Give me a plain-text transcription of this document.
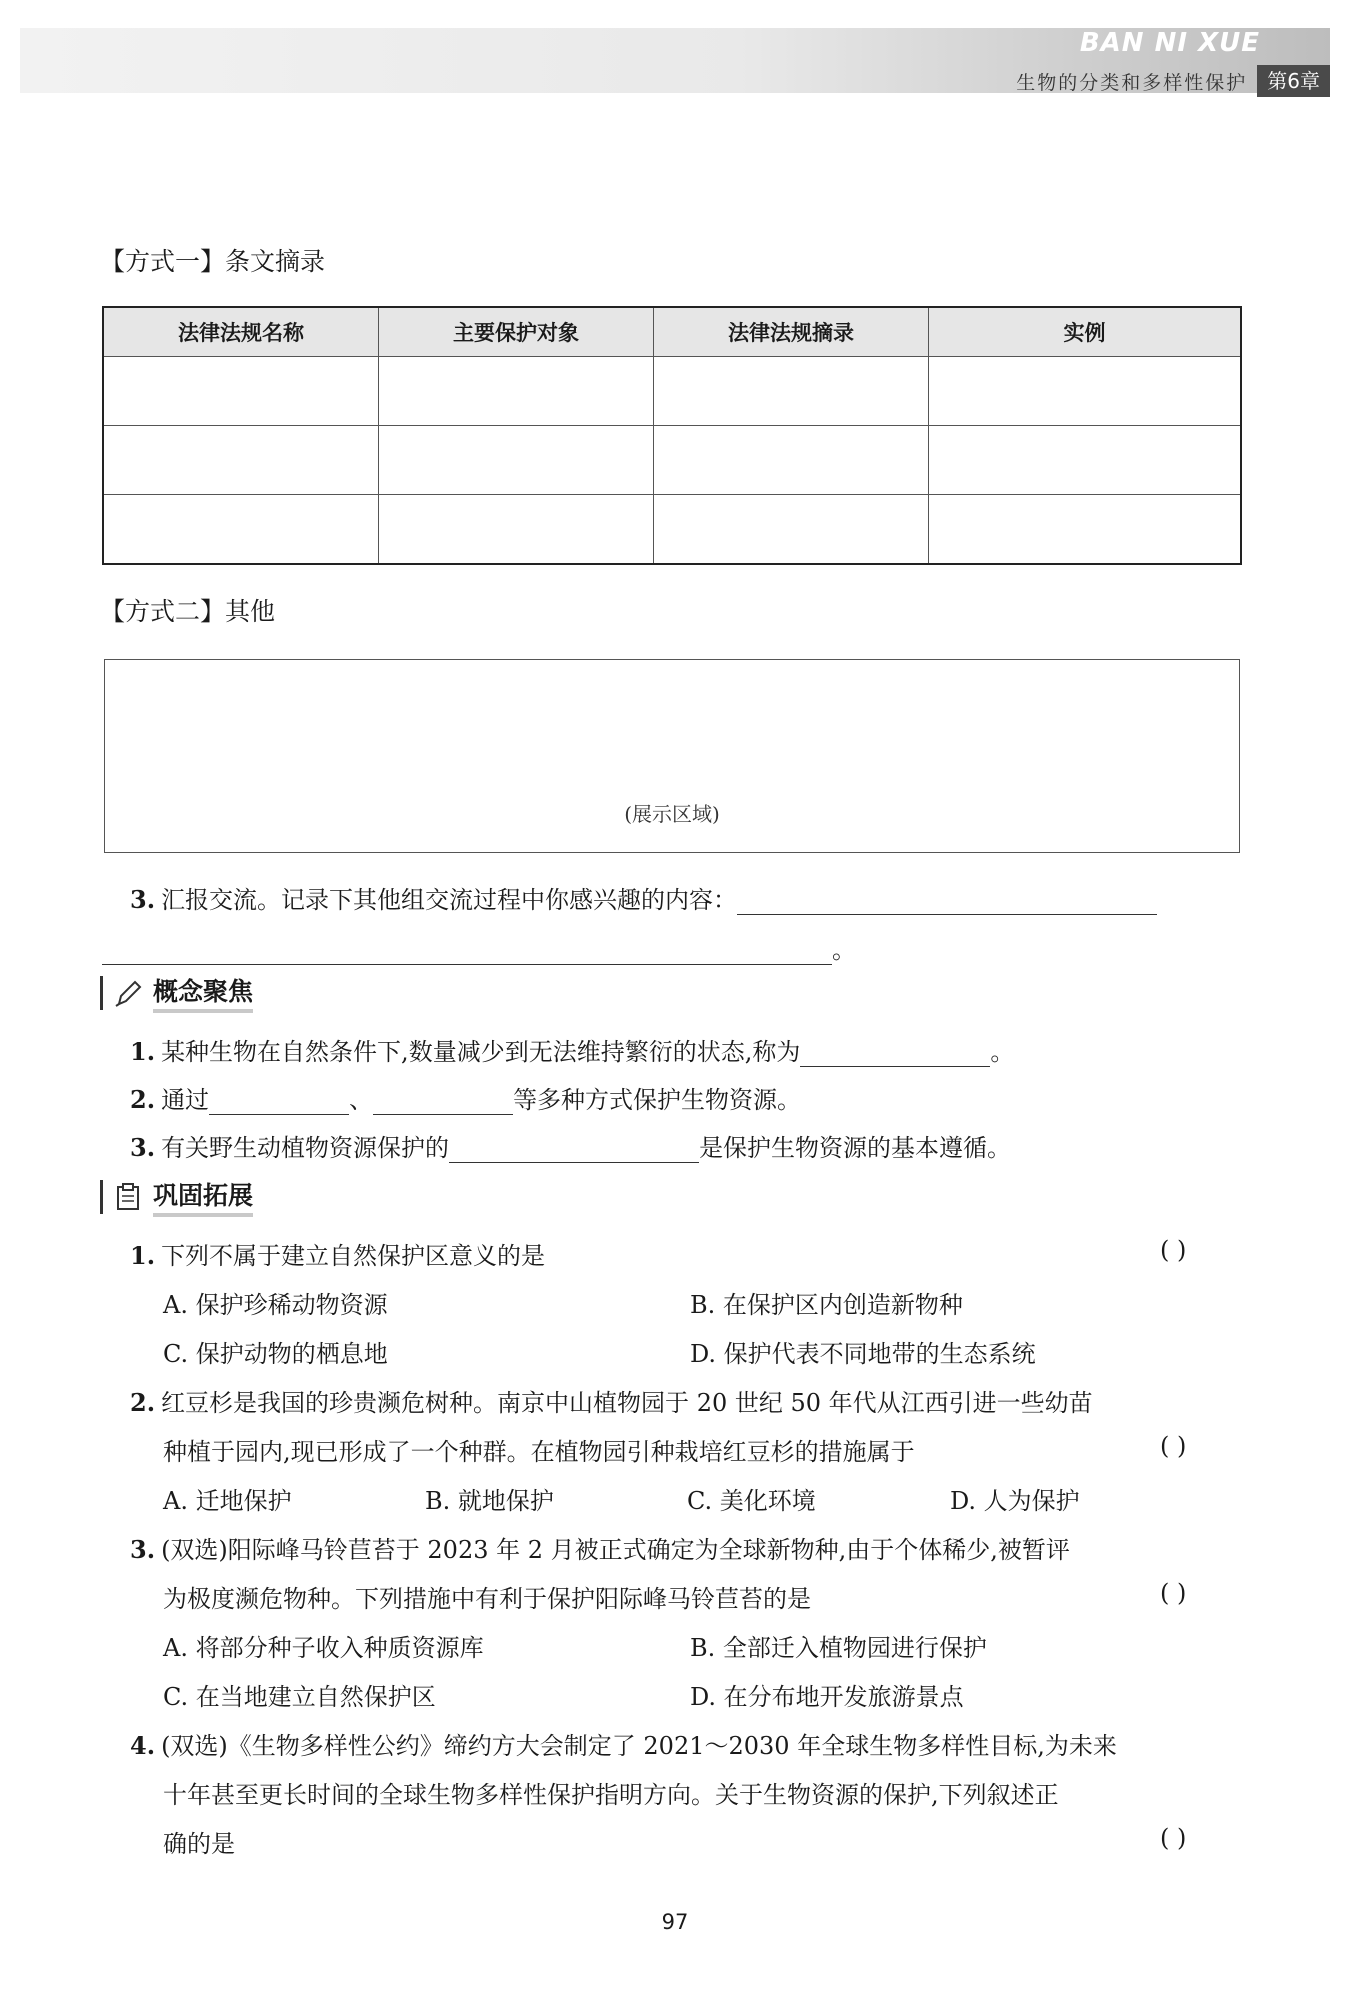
BAN NI XUE
生物的分类和多样性保护	第6章
【方式一】条文摘录
法律法规名称	主要保护对象	法律法规摘录	实例

【方式二】其他
(展示区域)
3. 汇报交流。记录下其他组交流过程中你感兴趣的内容：
。
概念聚焦
1. 某种生物在自然条件下,数量减少到无法维持繁衍的状态,称为	。
2. 通过	、	等多种方式保护生物资源。
3. 有关野生动植物资源保护的	是保护生物资源的基本遵循。
巩固拓展
1. 下列不属于建立自然保护区意义的是	( )
A. 保护珍稀动物资源	B. 在保护区内创造新物种
C. 保护动物的栖息地	D. 保护代表不同地带的生态系统
2. 红豆杉是我国的珍贵濒危树种。南京中山植物园于 20 世纪 50 年代从江西引进一些幼苗
种植于园内,现已形成了一个种群。在植物园引种栽培红豆杉的措施属于	( )
A. 迁地保护	B. 就地保护	C. 美化环境	D. 人为保护
3. (双选)阳际峰马铃苣苔于 2023 年 2 月被正式确定为全球新物种,由于个体稀少,被暂评
为极度濒危物种。下列措施中有利于保护阳际峰马铃苣苔的是	( )
A. 将部分种子收入种质资源库	B. 全部迁入植物园进行保护
C. 在当地建立自然保护区	D. 在分布地开发旅游景点
4. (双选)《生物多样性公约》缔约方大会制定了 2021～2030 年全球生物多样性目标,为未来
十年甚至更长时间的全球生物多样性保护指明方向。关于生物资源的保护,下列叙述正
确的是	( )
97
